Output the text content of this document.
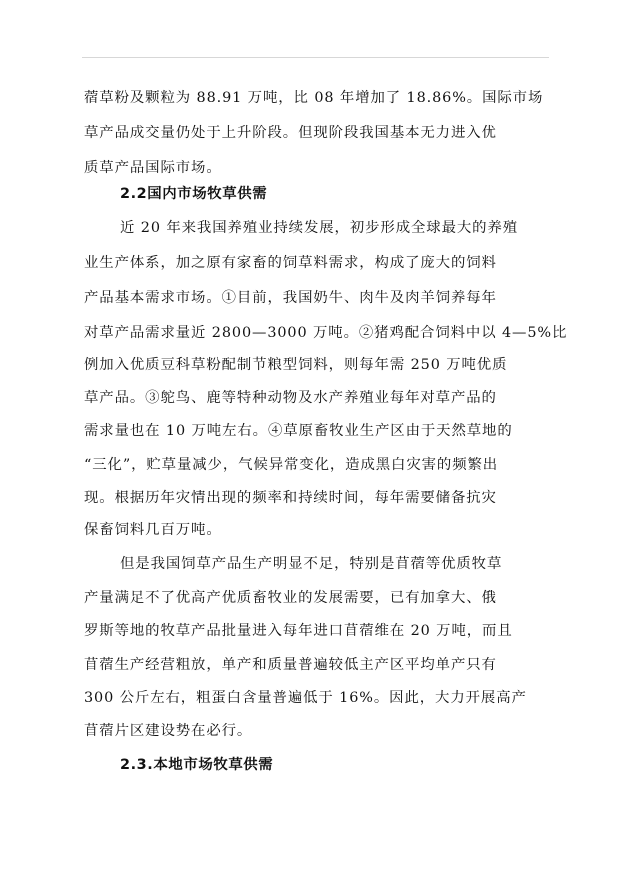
蓿草粉及颗粒为 88.91 万吨，比 08 年增加了 18.86%。国际市场
草产品成交量仍处于上升阶段。但现阶段我国基本无力进入优
质草产品国际市场。
2.2国内市场牧草供需
近 20 年来我国养殖业持续发展，初步形成全球最大的养殖
业生产体系，加之原有家畜的饲草料需求，构成了庞大的饲料
产品基本需求市场。①目前，我国奶牛、肉牛及肉羊饲养每年
对草产品需求量近 2800—3000 万吨。②猪鸡配合饲料中以 4—5%比
例加入优质豆科草粉配制节粮型饲料，则每年需 250 万吨优质
草产品。③鸵鸟、鹿等特种动物及水产养殖业每年对草产品的
需求量也在 10 万吨左右。④草原畜牧业生产区由于天然草地的
“三化”，贮草量减少，气候异常变化，造成黑白灾害的频繁出
现。根据历年灾情出现的频率和持续时间，每年需要储备抗灾
保畜饲料几百万吨。
但是我国饲草产品生产明显不足，特别是苜蓿等优质牧草
产量满足不了优高产优质畜牧业的发展需要，已有加拿大、俄
罗斯等地的牧草产品批量进入每年进口苜蓿维在 20 万吨，而且
苜蓿生产经营粗放，单产和质量普遍较低主产区平均单产只有
300 公斤左右，粗蛋白含量普遍低于 16%。因此，大力开展高产
苜蓿片区建设势在必行。
2.3.本地市场牧草供需
